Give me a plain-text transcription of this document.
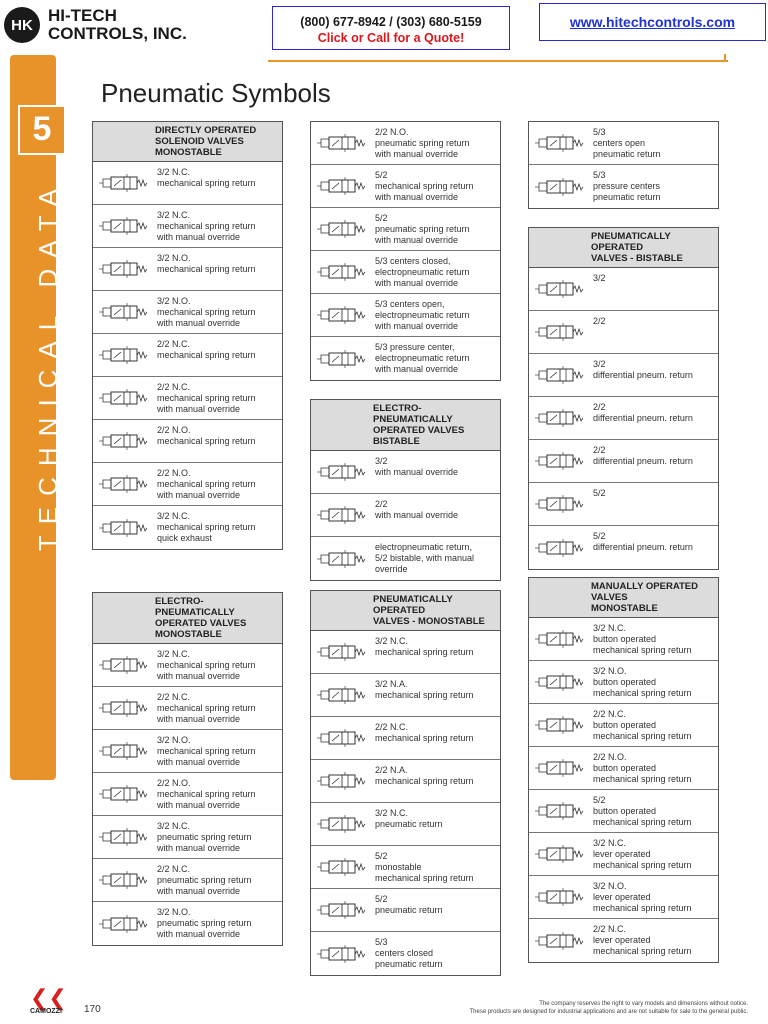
HK HI-TECH
CONTROLS, INC.
(800) 677-8942 / (303) 680-5159
Click or Call for a Quote!
www.hitechcontrols.com
5
TECHNICAL DATA
Pneumatic Symbols
DIRECTLY OPERATED
SOLENOID VALVES
MONOSTABLE
3/2 N.C.
mechanical spring return
3/2 N.C.
mechanical spring return
with manual override
3/2 N.O.
mechanical spring return
3/2 N.O.
mechanical spring return
with manual override
2/2 N.C.
mechanical spring return
2/2 N.C.
mechanical spring return
with manual override
2/2 N.O.
mechanical spring return
2/2 N.O.
mechanical spring return
with manual override
3/2 N.C.
mechanical spring return
quick exhaust
ELECTRO-PNEUMATICALLY
OPERATED VALVES
MONOSTABLE
3/2 N.C.
mechanical spring return
with manual override
2/2 N.C.
mechanical spring return
with manual override
3/2 N.O.
mechanical spring return
with manual override
2/2 N.O.
mechanical spring return
with manual override
3/2 N.C.
pneumatic spring return
with manual override
2/2 N.C.
pneumatic spring return
with manual override
3/2 N.O.
pneumatic spring return
with manual override
2/2 N.O.
pneumatic spring return
with manual override
5/2
mechanical spring return
with manual override
5/2
pneumatic spring return
with manual override
5/3 centers closed,
electropneumatic return
with manual override
5/3 centers open,
electropneumatic return
with manual override
5/3 pressure center,
electropneumatic return
with manual override
ELECTRO-PNEUMATICALLY
OPERATED VALVES
BISTABLE
3/2
with manual override
2/2
with manual override
electropneumatic return,
5/2 bistable, with manual override
PNEUMATICALLY OPERATED
VALVES - MONOSTABLE
3/2 N.C.
mechanical spring return
3/2 N.A.
mechanical spring return
2/2 N.C.
mechanical spring return
2/2 N.A.
mechanical spring return
3/2 N.C.
pneumatic return
5/2
monostable
mechanical spring return
5/2
pneumatic return
5/3
centers closed
pneumatic return
5/3
centers open
pneumatic return
5/3
pressure centers
pneumatic return
PNEUMATICALLY OPERATED
VALVES - BISTABLE
3/2
2/2
3/2
differential pneum. return
2/2
differential pneum. return
2/2
differential pneum. return
5/2
5/2
differential pneum. return
MANUALLY OPERATED VALVES
MONOSTABLE
3/2 N.C.
button operated
mechanical spring return
3/2 N.O.
button operated
mechanical spring return
2/2 N.C.
button operated
mechanical spring return
2/2 N.O.
button operated
mechanical spring return
5/2
button operated
mechanical spring return
3/2 N.C.
lever operated
mechanical spring return
3/2 N.O.
lever operated
mechanical spring return
2/2 N.C.
lever operated
mechanical spring return
❮❮
CAMOZZI	170	The company reserves the right to vary models and dimensions without notice.
These products are designed for industrial applications and are not suitable for sale to the general public.
